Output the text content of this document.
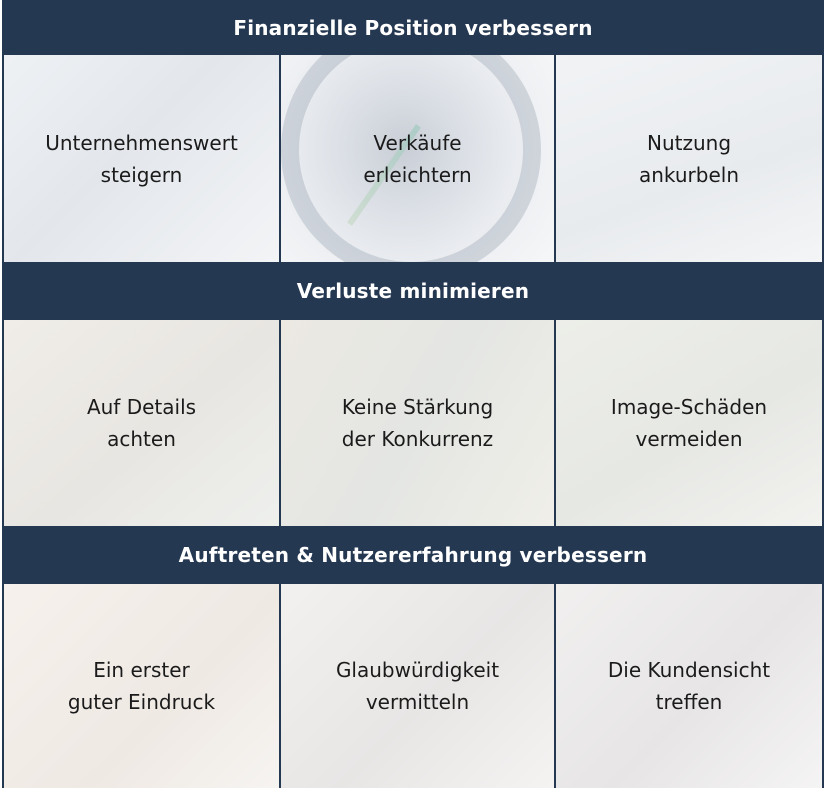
Finanzielle Position verbessern
Unternehmenswert
steigern
Verkäufe
erleichtern
Nutzung
ankurbeln
Verluste minimieren
Auf Details
achten
Keine Stärkung
der Konkurrenz
Image-Schäden
vermeiden
Auftreten & Nutzererfahrung verbessern
Ein erster
guter Eindruck
Glaubwürdigkeit
vermitteln
Die Kundensicht
treffen
